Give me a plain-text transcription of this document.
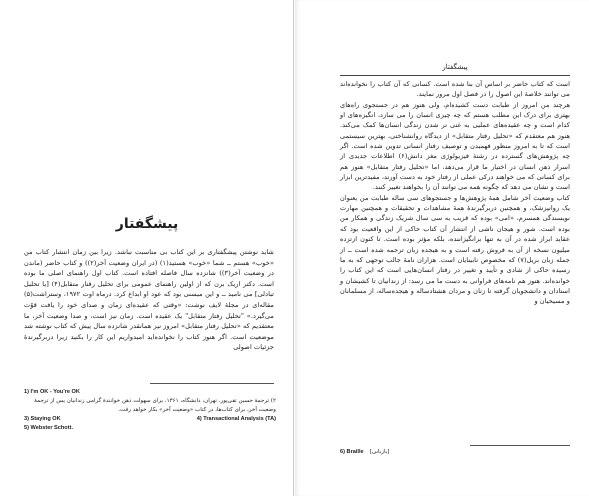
پیشگفتار

شاید نوشتن پیشگفتاری بر این کتاب بی مناسبت نباشد. زیرا بین زمان انتشار کتاب من «خوب» هستم ــ شما «خوب» هستید(۱) (در ایران وضعیت آخر(۲)) و کتاب حاضر (ماندن در وضعیت آخر(۳)) شانزده سال فاصله افتاده است. کتاب اول راهنمای اصلی ما بوده است. دکتر اریک برن که از اولین راهنمای عمومی برای تحلیل رفتار متقابل(۴) [یا تحلیل تبادلی] می نامید ــ و این میسنی بود که عود او ابداع کرد. درماه اوت ۱۹۷۲، وستراشت(۵) مقاله‌ای در مجلهٔ لایف نوشت: «وقتی که عقیده‌ای زمان و صدای خود را یافت قوّت می‌گیرد.» "تحلیل رفتار متقابل" یک عقیده است. زمان نیز است، و صدا وضعیت آخر، ما معتقدیم که «تحلیل رفتار متقابل» امروز نیز همانقدر شانزده سال پیش که کتاب نوشته شد موضعیت است. اگر هنوز کتاب را نخوانده‌اید امیدواریم این کار را بکنید زیرا دربرگیرندهٔ جزئیات اصولی

1) I'm OK - You're OK
۲) ترجمهٔ حسین تقی‌پور. تهران، دانشگاه، ۱۳۶۱. برای سهولت ذهن خوانندهٔ گرامی زندانیان پس از ترجمهٔ وضعیت آخر، برای کتاب‌ها، در کتاب «وضعیت آخر» بکار خواهد رفت.
3) Staying OK	4) Transactional Analysis (TA)
5) Webster Schott.
پیشگفتار

است که کتاب حاضر بر اساس آن بنا شده است. کسانی که آن کتاب را نخوانده‌اند می توانند خلاصهٔ این اصول را در فصل اول مرور نمایند.

هرچند من امروز از طبابت دست کشیده‌ام، ولی هنوز هم در جستجوی راه‌های بهتری برای درک این مطلب هستم که چه چیزی انسان را می سازد، انگیزه‌های او کدام است و چه عقیده‌های عملیی به غنی تر شدن زندگی انسان‌ها کمک می‌کند. هنوز هم معتقدم که «تحلیل رفتار متقابل» از دیدگاه روانشناختی، بهترین سیستمی است که تا به امروز منظور فهمیدن و توصیف رفتار انسانی تدوین شده است. اگر چه پژوهش‌های گسترده در رشتهٔ فیزیولوژی مغز دانش(۶) اطلاعات جدیدی از اسرار ذهن انسان در اختیار ما قرار می‌دهد، اما «تحلیل رفتار متقابل» هنوز هم برای کسانی که می خواهند درکی عملی از رفتار خود به دست آورند، مفیدترین ابزار است و نشان می دهد که چگونه همه می توانند آن را بخواهند تغییر کنند.

کتاب وضعیت آخر شامل همهٔ پژوهش‌ها و جستجوهای سی ساله طبابت من بعنوان یک روانپزشک، و همچنین دربرگیرندهٔ همهٔ مشاهدات و تحقیقات و همچنین مهارت نویسندگی همسرم، «امی» بوده که قریب به سی سال شریک زندگی و همکار من بوده است. شور و هیجان ناشی از انتشار آن کتاب حاکی از این واقعیت بود که عقاید ابراز شده در آن به تنها برانگیزاننده، بلکه مؤثر بوده است. تا کنون ازتزده میلیون نسخه از آن به فروش رفته است و به هیجده زبان ترجمه شده است ــ از جمله زبان بریل(۷) که مخصوص نابینایان است. هزاران نامهٔ جالب توجهی که به ما رسیده حاکی از شادی و تأیید و تغییر در رفتار انسان‌هایی است که این کتاب را خوانده‌اند. هنوز هم نامه‌های فراوانی به دست ما می‌ رسد: از زندانیان تا کشیشان و استادان و دانشجویان گرفته تا زنان و مردان هشتادساله و هیجده‌ساله، از مسلمانان و مسیحیان و

6) Braille [بازبانی]
